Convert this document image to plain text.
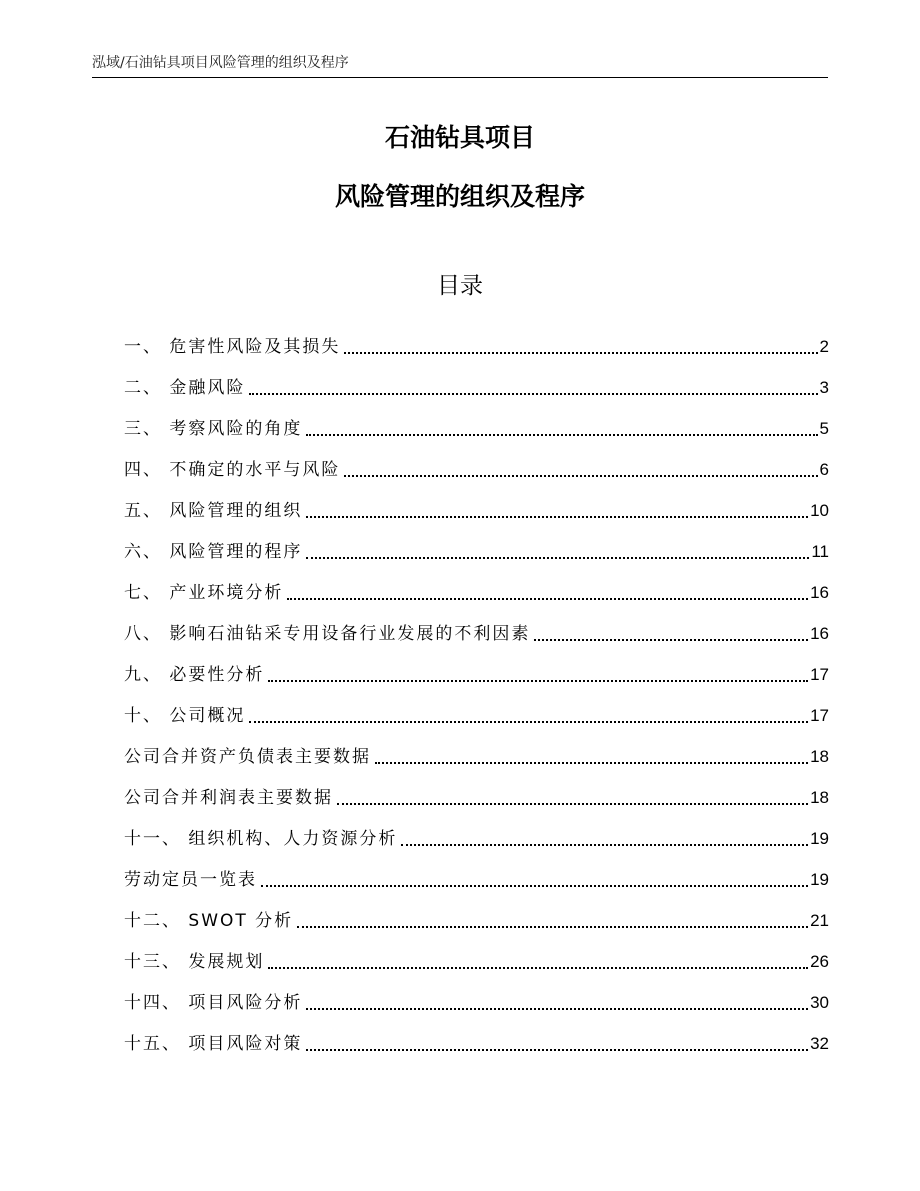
泓域/石油钻具项目风险管理的组织及程序
石油钻具项目
风险管理的组织及程序
目录
一、 危害性风险及其损失	2
二、 金融风险	3
三、 考察风险的角度	5
四、 不确定的水平与风险	6
五、 风险管理的组织	10
六、 风险管理的程序	11
七、 产业环境分析	16
八、 影响石油钻采专用设备行业发展的不利因素	16
九、 必要性分析	17
十、 公司概况	17
公司合并资产负债表主要数据	18
公司合并利润表主要数据	18
十一、 组织机构、人力资源分析	19
劳动定员一览表	19
十二、 SWOT 分析	21
十三、 发展规划	26
十四、 项目风险分析	30
十五、 项目风险对策	32
